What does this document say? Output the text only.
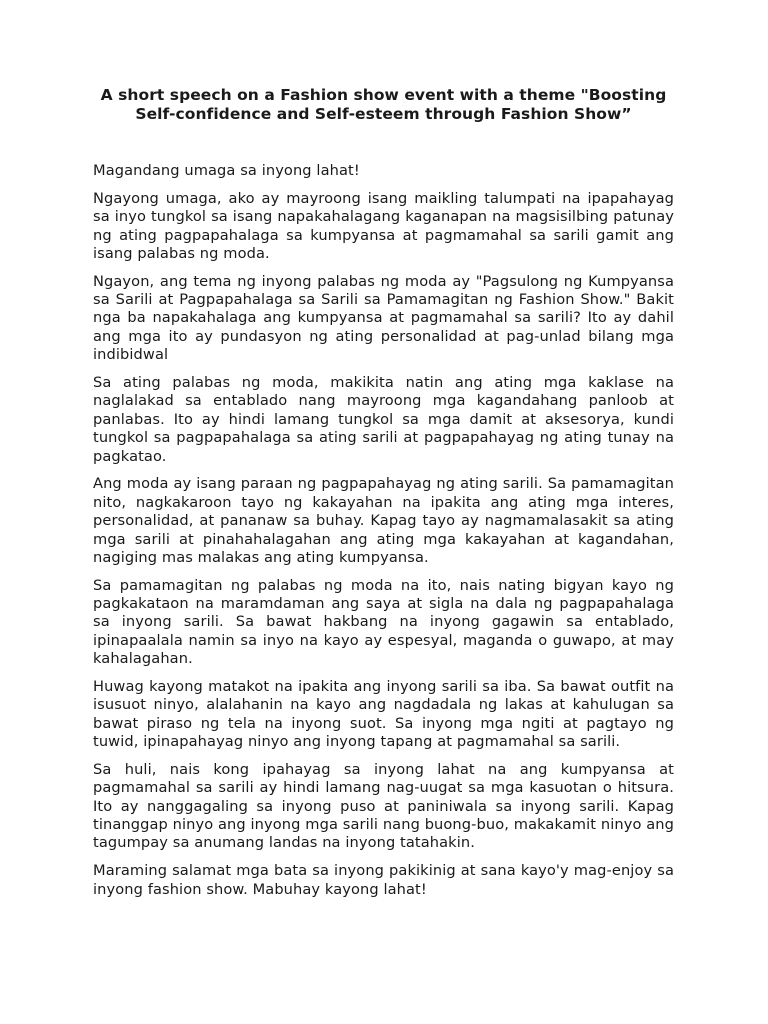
A short speech on a Fashion show event with a theme "Boosting
Self-confidence and Self-esteem through Fashion Show”

Magandang umaga sa inyong lahat!

Ngayong umaga, ako ay mayroong isang maikling talumpati na ipapahayag sa inyo tungkol sa isang napakahalagang kaganapan na magsisilbing patunay ng ating pagpapahalaga sa kumpyansa at pagmamahal sa sarili gamit ang isang palabas ng moda.

Ngayon, ang tema ng inyong palabas ng moda ay "Pagsulong ng Kumpyansa sa Sarili at Pagpapahalaga sa Sarili sa Pamamagitan ng Fashion Show." Bakit nga ba napakahalaga ang kumpyansa at pagmamahal sa sarili? Ito ay dahil ang mga ito ay pundasyon ng ating personalidad at pag-unlad bilang mga indibidwal

Sa ating palabas ng moda, makikita natin ang ating mga kaklase na naglalakad sa entablado nang mayroong mga kagandahang panloob at panlabas. Ito ay hindi lamang tungkol sa mga damit at aksesorya, kundi tungkol sa pagpapahalaga sa ating sarili at pagpapahayag ng ating tunay na pagkatao.

Ang moda ay isang paraan ng pagpapahayag ng ating sarili. Sa pamamagitan nito, nagkakaroon tayo ng kakayahan na ipakita ang ating mga interes, personalidad, at pananaw sa buhay. Kapag tayo ay nagmamalasakit sa ating mga sarili at pinahahalagahan ang ating mga kakayahan at kagandahan, nagiging mas malakas ang ating kumpyansa.

Sa pamamagitan ng palabas ng moda na ito, nais nating bigyan kayo ng pagkakataon na maramdaman ang saya at sigla na dala ng pagpapahalaga sa inyong sarili. Sa bawat hakbang na inyong gagawin sa entablado, ipinapaalala namin sa inyo na kayo ay espesyal, maganda o guwapo, at may kahalagahan.

Huwag kayong matakot na ipakita ang inyong sarili sa iba. Sa bawat outfit na isusuot ninyo, alalahanin na kayo ang nagdadala ng lakas at kahulugan sa bawat piraso ng tela na inyong suot. Sa inyong mga ngiti at pagtayo ng tuwid, ipinapahayag ninyo ang inyong tapang at pagmamahal sa sarili.

Sa huli, nais kong ipahayag sa inyong lahat na ang kumpyansa at pagmamahal sa sarili ay hindi lamang nag-uugat sa mga kasuotan o hitsura. Ito ay nanggagaling sa inyong puso at paniniwala sa inyong sarili. Kapag tinanggap ninyo ang inyong mga sarili nang buong-buo, makakamit ninyo ang tagumpay sa anumang landas na inyong tatahakin.

Maraming salamat mga bata sa inyong pakikinig at sana kayo'y mag-enjoy sa inyong fashion show. Mabuhay kayong lahat!
